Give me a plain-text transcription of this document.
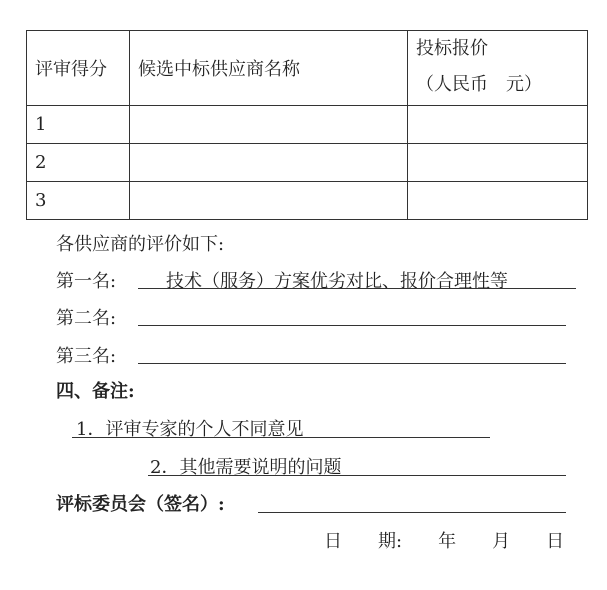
评审得分	候选中标供应商名称	投标报价
（人民币　元）

1		
2		
3		
各供应商的评价如下:
第一名:	技术（服务）方案优劣对比、报价合理性等
第二名:
第三名:
四、备注:
1．评审专家的个人不同意见
2．其他需要说明的问题
评标委员会（签名）:
日　　期:　　年　　月　　日
